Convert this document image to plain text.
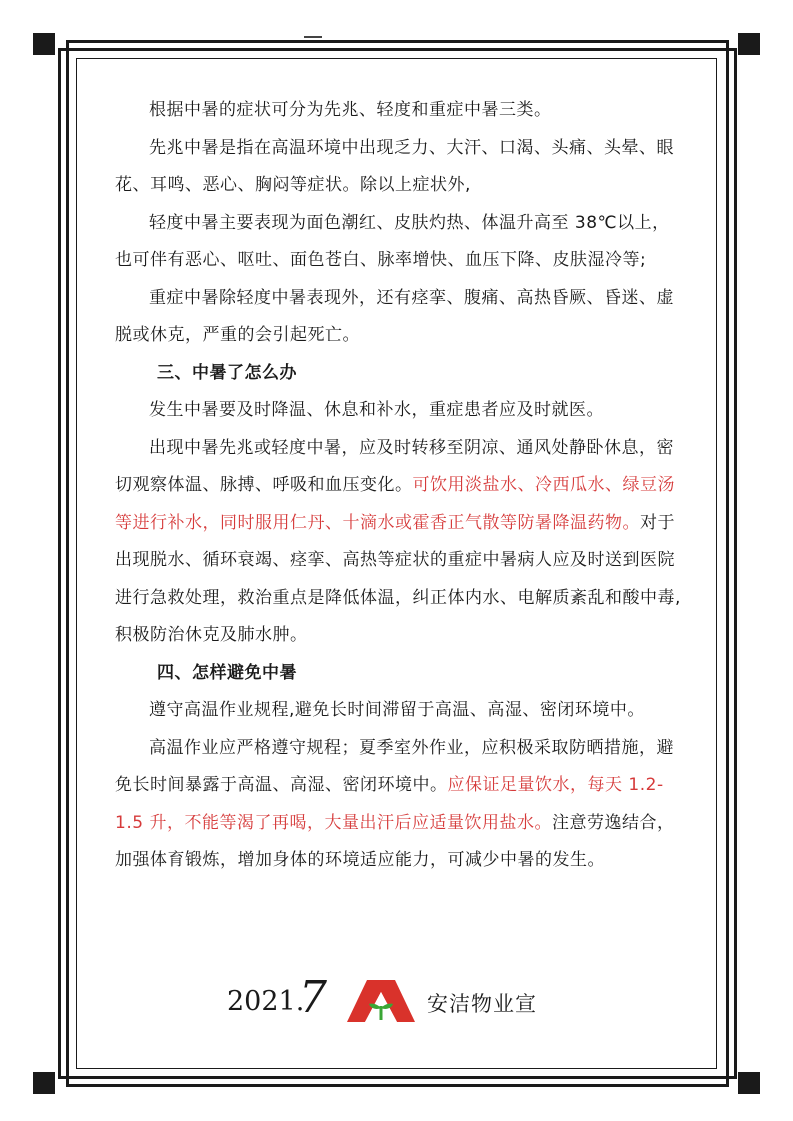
根据中暑的症状可分为先兆、轻度和重症中暑三类。

先兆中暑是指在高温环境中出现乏力、大汗、口渴、头痛、头晕、眼花、耳鸣、恶心、胸闷等症状。除以上症状外,

轻度中暑主要表现为面色潮红、皮肤灼热、体温升高至 38℃以上，也可伴有恶心、呕吐、面色苍白、脉率增快、血压下降、皮肤湿冷等;

重症中暑除轻度中暑表现外，还有痉挛、腹痛、高热昏厥、昏迷、虚脱或休克，严重的会引起死亡。

三、中暑了怎么办

发生中暑要及时降温、休息和补水，重症患者应及时就医。

出现中暑先兆或轻度中暑，应及时转移至阴凉、通风处静卧休息，密切观察体温、脉搏、呼吸和血压变化。可饮用淡盐水、冷西瓜水、绿豆汤等进行补水，同时服用仁丹、十滴水或霍香正气散等防暑降温药物。对于出现脱水、循环衰竭、痉挛、高热等症状的重症中暑病人应及时送到医院进行急救处理，救治重点是降低体温，纠正体内水、电解质紊乱和酸中毒,积极防治休克及肺水肿。

四、怎样避免中暑

遵守高温作业规程,避免长时间滞留于高温、高湿、密闭环境中。

高温作业应严格遵守规程；夏季室外作业，应积极采取防晒措施，避免长时间暴露于高温、高湿、密闭环境中。应保证足量饮水，每天 1.2-1.5 升，不能等渴了再喝，大量出汗后应适量饮用盐水。注意劳逸结合，加强体育锻炼，增加身体的环境适应能力，可减少中暑的发生。

2021.
7	安洁物业宣
